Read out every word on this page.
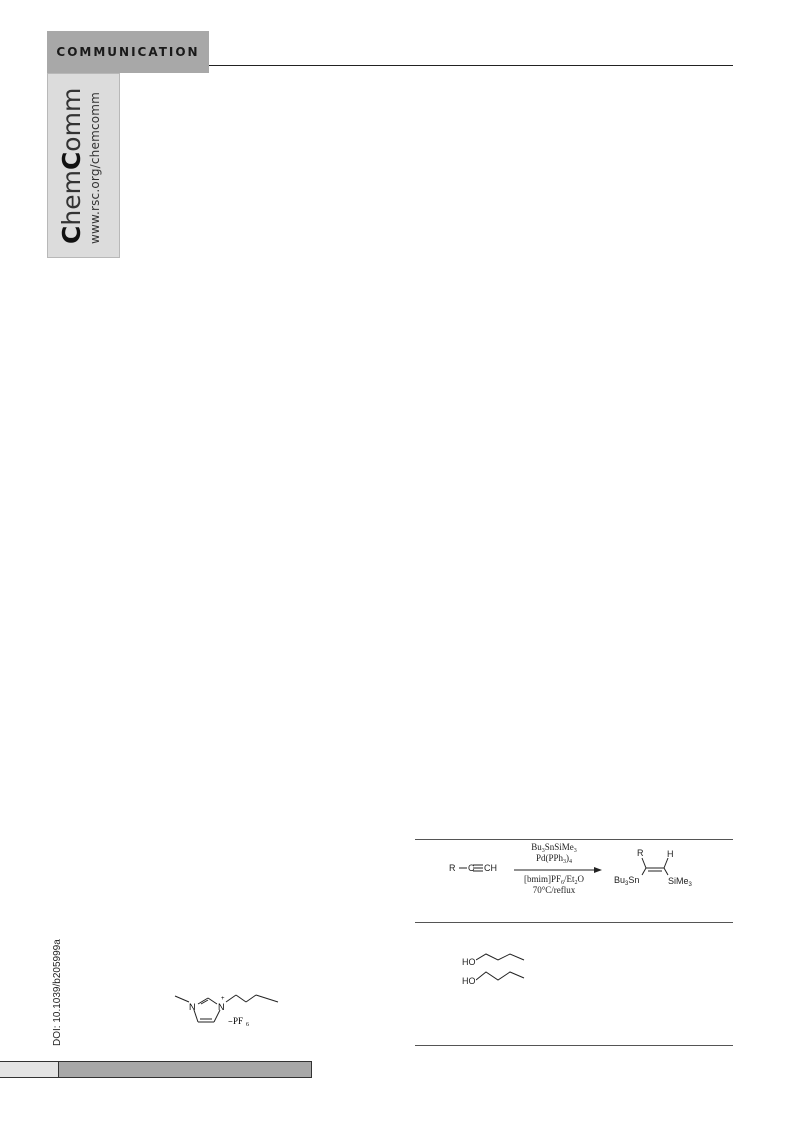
COMMUNICATION
ChemComm www.rsc.org/chemcomm
DOI: 10.1039/b205999a	N	N
+
− PF 6
R C CH
$Bu_3SnSiMe_3$
$Pd(PPh_3)_4$
$[bmim]PF_6/Et_2O$
70°C/reflux
R	H
$Bu_3Sn$	SiMe$_3$
HO
HO
